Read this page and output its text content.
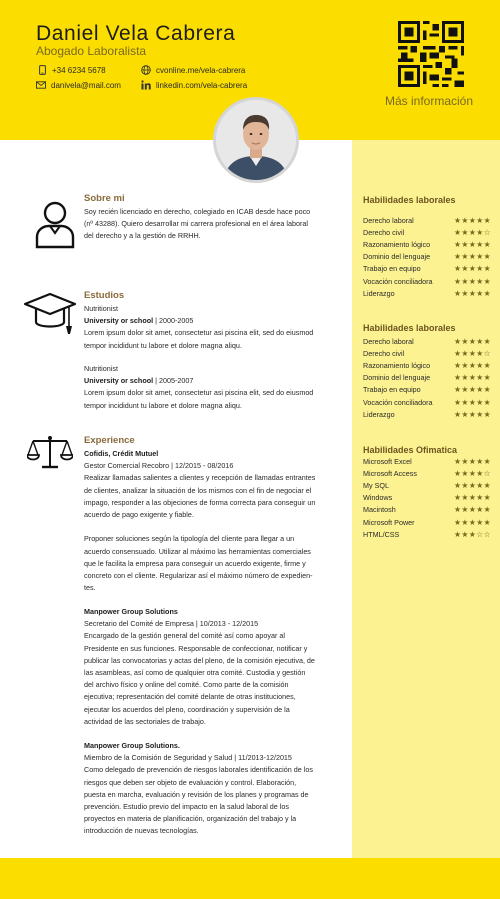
Daniel Vela Cabrera
Abogado Laboralista
+34 6234 5678	cvonline.me/vela-cabrera
danivela@mail.com	linkedin.com/vela-cabrera
Más información
Sobre mi
Soy recién licenciado en derecho, colegiado en ICAB desde hace poco
(nº 43288). Quiero desarrollar mi carrera profesional en el área laboral
del derecho y a la gestión de RRHH.
Estudios
Nutritionist
University or school | 2000-2005
Lorem ipsum dolor sit amet, consectetur asi piscina elit, sed do eiusmod
tempor incididunt tu labore et dolore magna aliqu.
Nutritionist
University or school | 2005-2007
Lorem ipsum dolor sit amet, consectetur asi piscina elit, sed do eiusmod
tempor incididunt tu labore et dolore magna aliqu.
Experience
Cofidis, Crédit Mutuel
Gestor Comercial Recobro | 12/2015 - 08/2016
Realizar llamadas salientes a clientes y recepción de llamadas entrantes
de clientes, analizar la situación de los mismos con el fin de negociar el
impago, responder a las objeciones de forma correcta para conseguir un
acuerdo de pago exigente y fiable.
Proponer soluciones según la tipología del cliente para llegar a un
acuerdo consensuado. Utilizar al máximo las herramientas comerciales
que le facilita la empresa para conseguir un acuerdo exigente, firme y
concreto con el cliente. Regularizar así el máximo número de expedien-
tes.
Manpower Group Solutions
Secretario del Comité de Empresa | 10/2013 - 12/2015
Encargado de la gestión general del comité así como apoyar al
Presidente en sus funciones. Responsable de confeccionar, notificar y
publicar las convocatorias y actas del pleno, de la comisión ejecutiva, de
las asambleas, así como de qualquier otra comité. Custodia y gestión
del archivo físico y online del comité. Como parte de la comisión
ejecutiva; representación del comité delante de otras instituciones,
ejecutar los acuerdos del pleno, coordinación y supervisión de la
actividad de las sectoriales de trabajo.
Manpower Group Solutions.
Miembro de la Comisión de Seguridad y Salud | 11/2013-12/2015
Como delegado de prevención de riesgos laborales identificación de los
riesgos que deben ser objeto de evaluación y control. Elaboración,
puesta en marcha, evaluación y revisión de los planes y programas de
prevención. Estudio previo del impacto en la salud laboral de los
proyectos en materia de planificación, organización del trabajo y la
introducción de nuevas tecnologías.
Habilidades laborales
Derecho laboral	★★★★★
Derecho civil	★★★★☆
Razonamiento lógico	★★★★★
Dominio del lenguaje	★★★★★
Trabajo en equipo	★★★★★
Vocación conciliadora	★★★★★
Liderazgo	★★★★★
Habilidades laborales
Derecho laboral	★★★★★
Derecho civil	★★★★☆
Razonamiento lógico	★★★★★
Dominio del lenguaje	★★★★★
Trabajo en equipo	★★★★★
Vocación conciliadora	★★★★★
Liderazgo	★★★★★
Habilidades Ofimatica
Microsoft Excel	★★★★★
Microsoft Access	★★★★☆
My SQL	★★★★★
Windows	★★★★★
Macintosh	★★★★★
Microsoft Power	★★★★★
HTML/CSS	★★★☆☆
